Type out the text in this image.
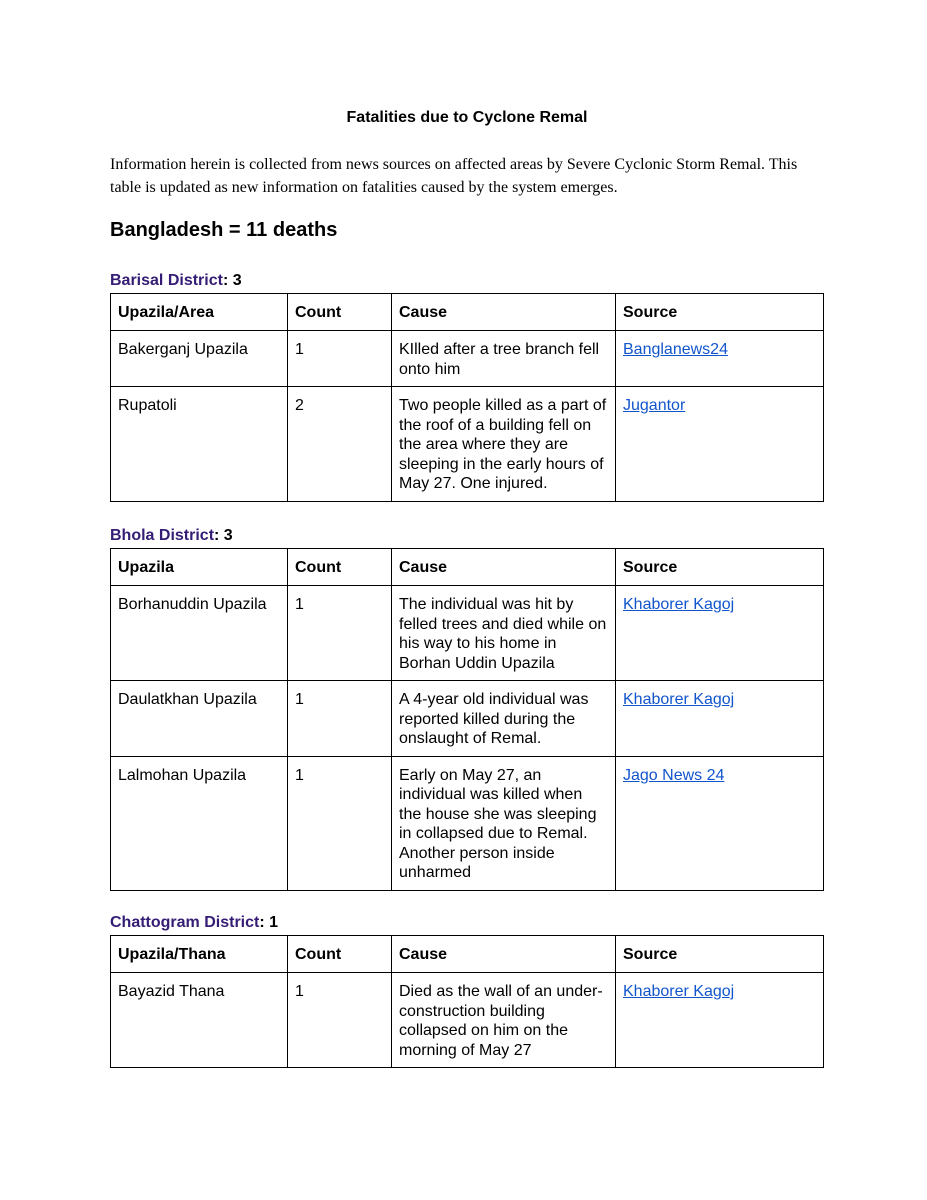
Fatalities due to Cyclone Remal
Information herein is collected from news sources on affected areas by Severe Cyclonic Storm Remal. This table is updated as new information on fatalities caused by the system emerges.
Bangladesh = 11 deaths
Barisal District: 3
Upazila/Area	Count	Cause	Source
Bakerganj Upazila	1	KIlled after a tree branch fell onto him	Banglanews24
Rupatoli	2	Two people killed as a part of the roof of a building fell on the area where they are sleeping in the early hours of May 27. One injured.	Jugantor
Bhola District: 3
Upazila	Count	Cause	Source
Borhanuddin Upazila	1	The individual was hit by felled trees and died while on his way to his home in Borhan Uddin Upazila	Khaborer Kagoj
Daulatkhan Upazila	1	A 4-year old individual was reported killed during the onslaught of Remal.	Khaborer Kagoj
Lalmohan Upazila	1	Early on May 27, an individual was killed when the house she was sleeping in collapsed due to Remal. Another person inside unharmed	Jago News 24
Chattogram District: 1
Upazila/Thana	Count	Cause	Source
Bayazid Thana	1	Died as the wall of an under-construction building collapsed on him on the morning of May 27	Khaborer Kagoj
